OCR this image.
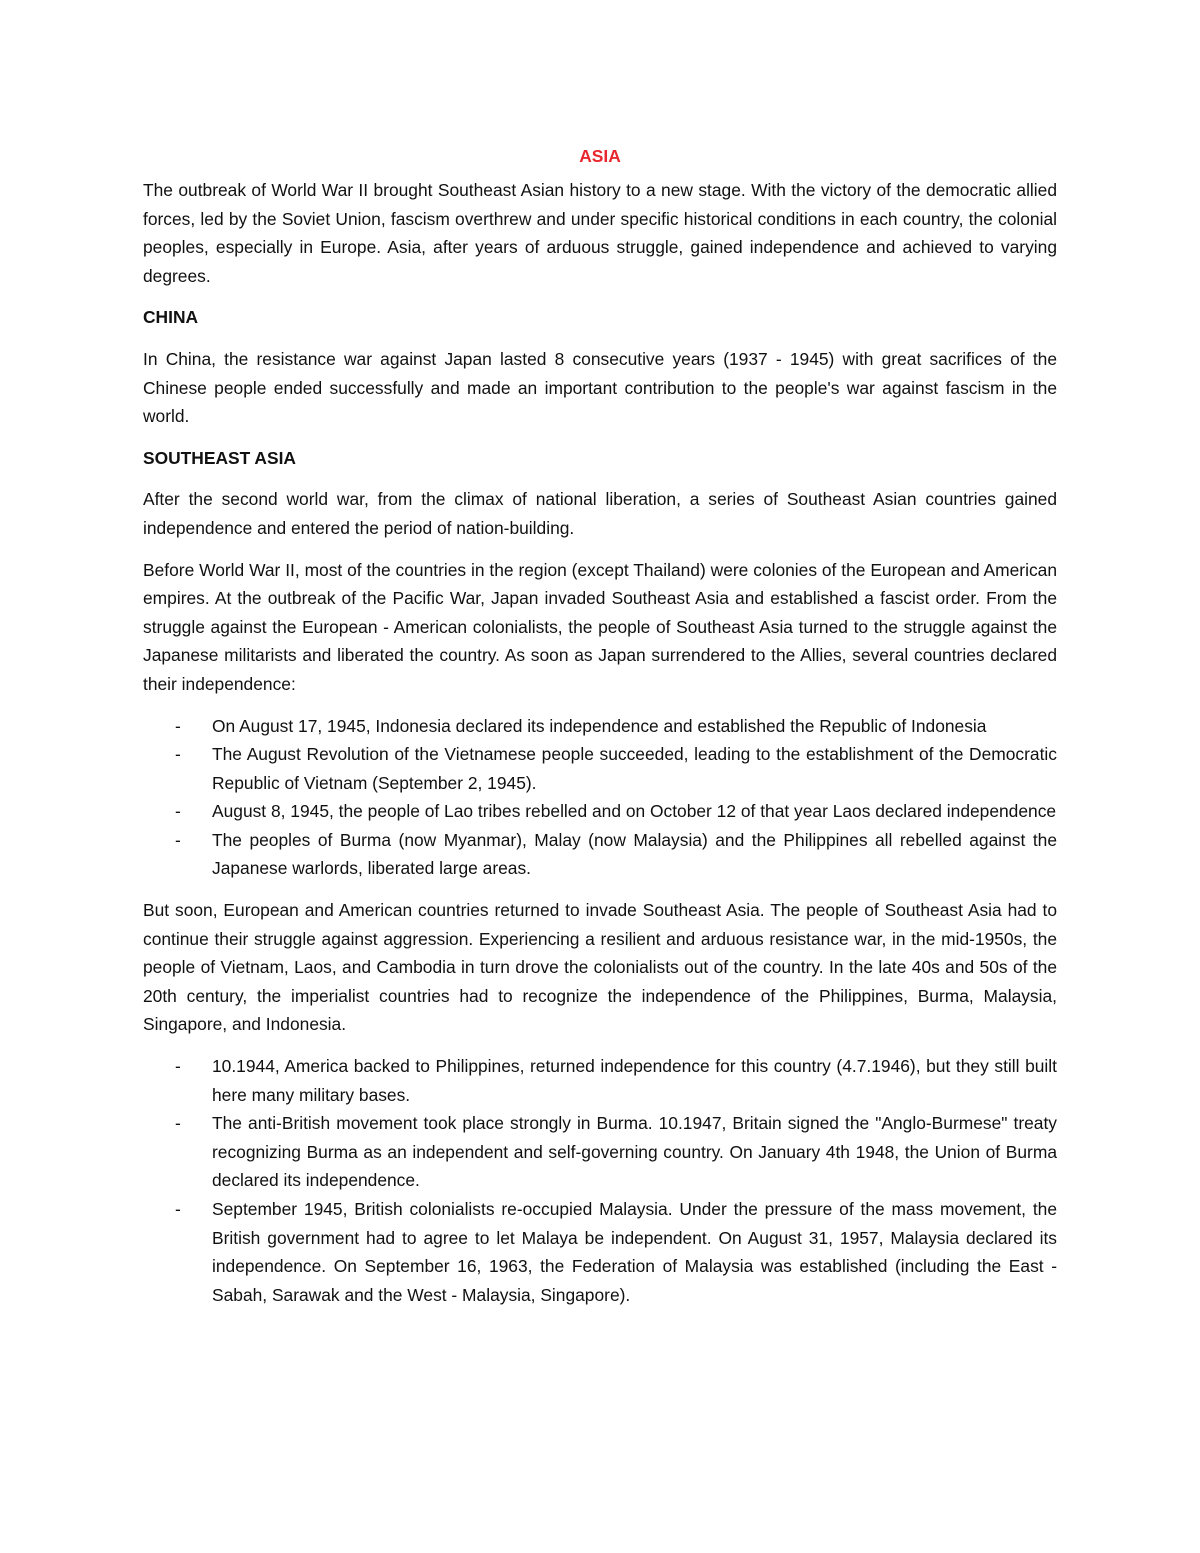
ASIA

The outbreak of World War II brought Southeast Asian history to a new stage. With the victory of the democratic allied forces, led by the Soviet Union, fascism overthrew and under specific historical conditions in each country, the colonial peoples, especially in Europe. Asia, after years of arduous struggle, gained independence and achieved to varying degrees.

CHINA

In China, the resistance war against Japan lasted 8 consecutive years (1937 - 1945) with great sacrifices of the Chinese people ended successfully and made an important contribution to the people's war against fascism in the world.

SOUTHEAST ASIA

After the second world war, from the climax of national liberation, a series of Southeast Asian countries gained independence and entered the period of nation-building.

Before World War II, most of the countries in the region (except Thailand) were colonies of the European and American empires. At the outbreak of the Pacific War, Japan invaded Southeast Asia and established a fascist order. From the struggle against the European - American colonialists, the people of Southeast Asia turned to the struggle against the Japanese militarists and liberated the country. As soon as Japan surrendered to the Allies, several countries declared their independence:

- On August 17, 1945, Indonesia declared its independence and established the Republic of Indonesia
- The August Revolution of the Vietnamese people succeeded, leading to the establishment of the Democratic Republic of Vietnam (September 2, 1945).
- August 8, 1945, the people of Lao tribes rebelled and on October 12 of that year Laos declared independence
- The peoples of Burma (now Myanmar), Malay (now Malaysia) and the Philippines all rebelled against the Japanese warlords, liberated large areas.

But soon, European and American countries returned to invade Southeast Asia. The people of Southeast Asia had to continue their struggle against aggression. Experiencing a resilient and arduous resistance war, in the mid-1950s, the people of Vietnam, Laos, and Cambodia in turn drove the colonialists out of the country. In the late 40s and 50s of the 20th century, the imperialist countries had to recognize the independence of the Philippines, Burma, Malaysia, Singapore, and Indonesia.

- 10.1944, America backed to Philippines, returned independence for this country (4.7.1946), but they still built here many military bases.
- The anti-British movement took place strongly in Burma. 10.1947, Britain signed the "Anglo-Burmese" treaty recognizing Burma as an independent and self-governing country. On January 4th 1948, the Union of Burma declared its independence.
- September 1945, British colonialists re-occupied Malaysia. Under the pressure of the mass movement, the British government had to agree to let Malaya be independent. On August 31, 1957, Malaysia declared its independence. On September 16, 1963, the Federation of Malaysia was established (including the East - Sabah, Sarawak and the West - Malaysia, Singapore).
